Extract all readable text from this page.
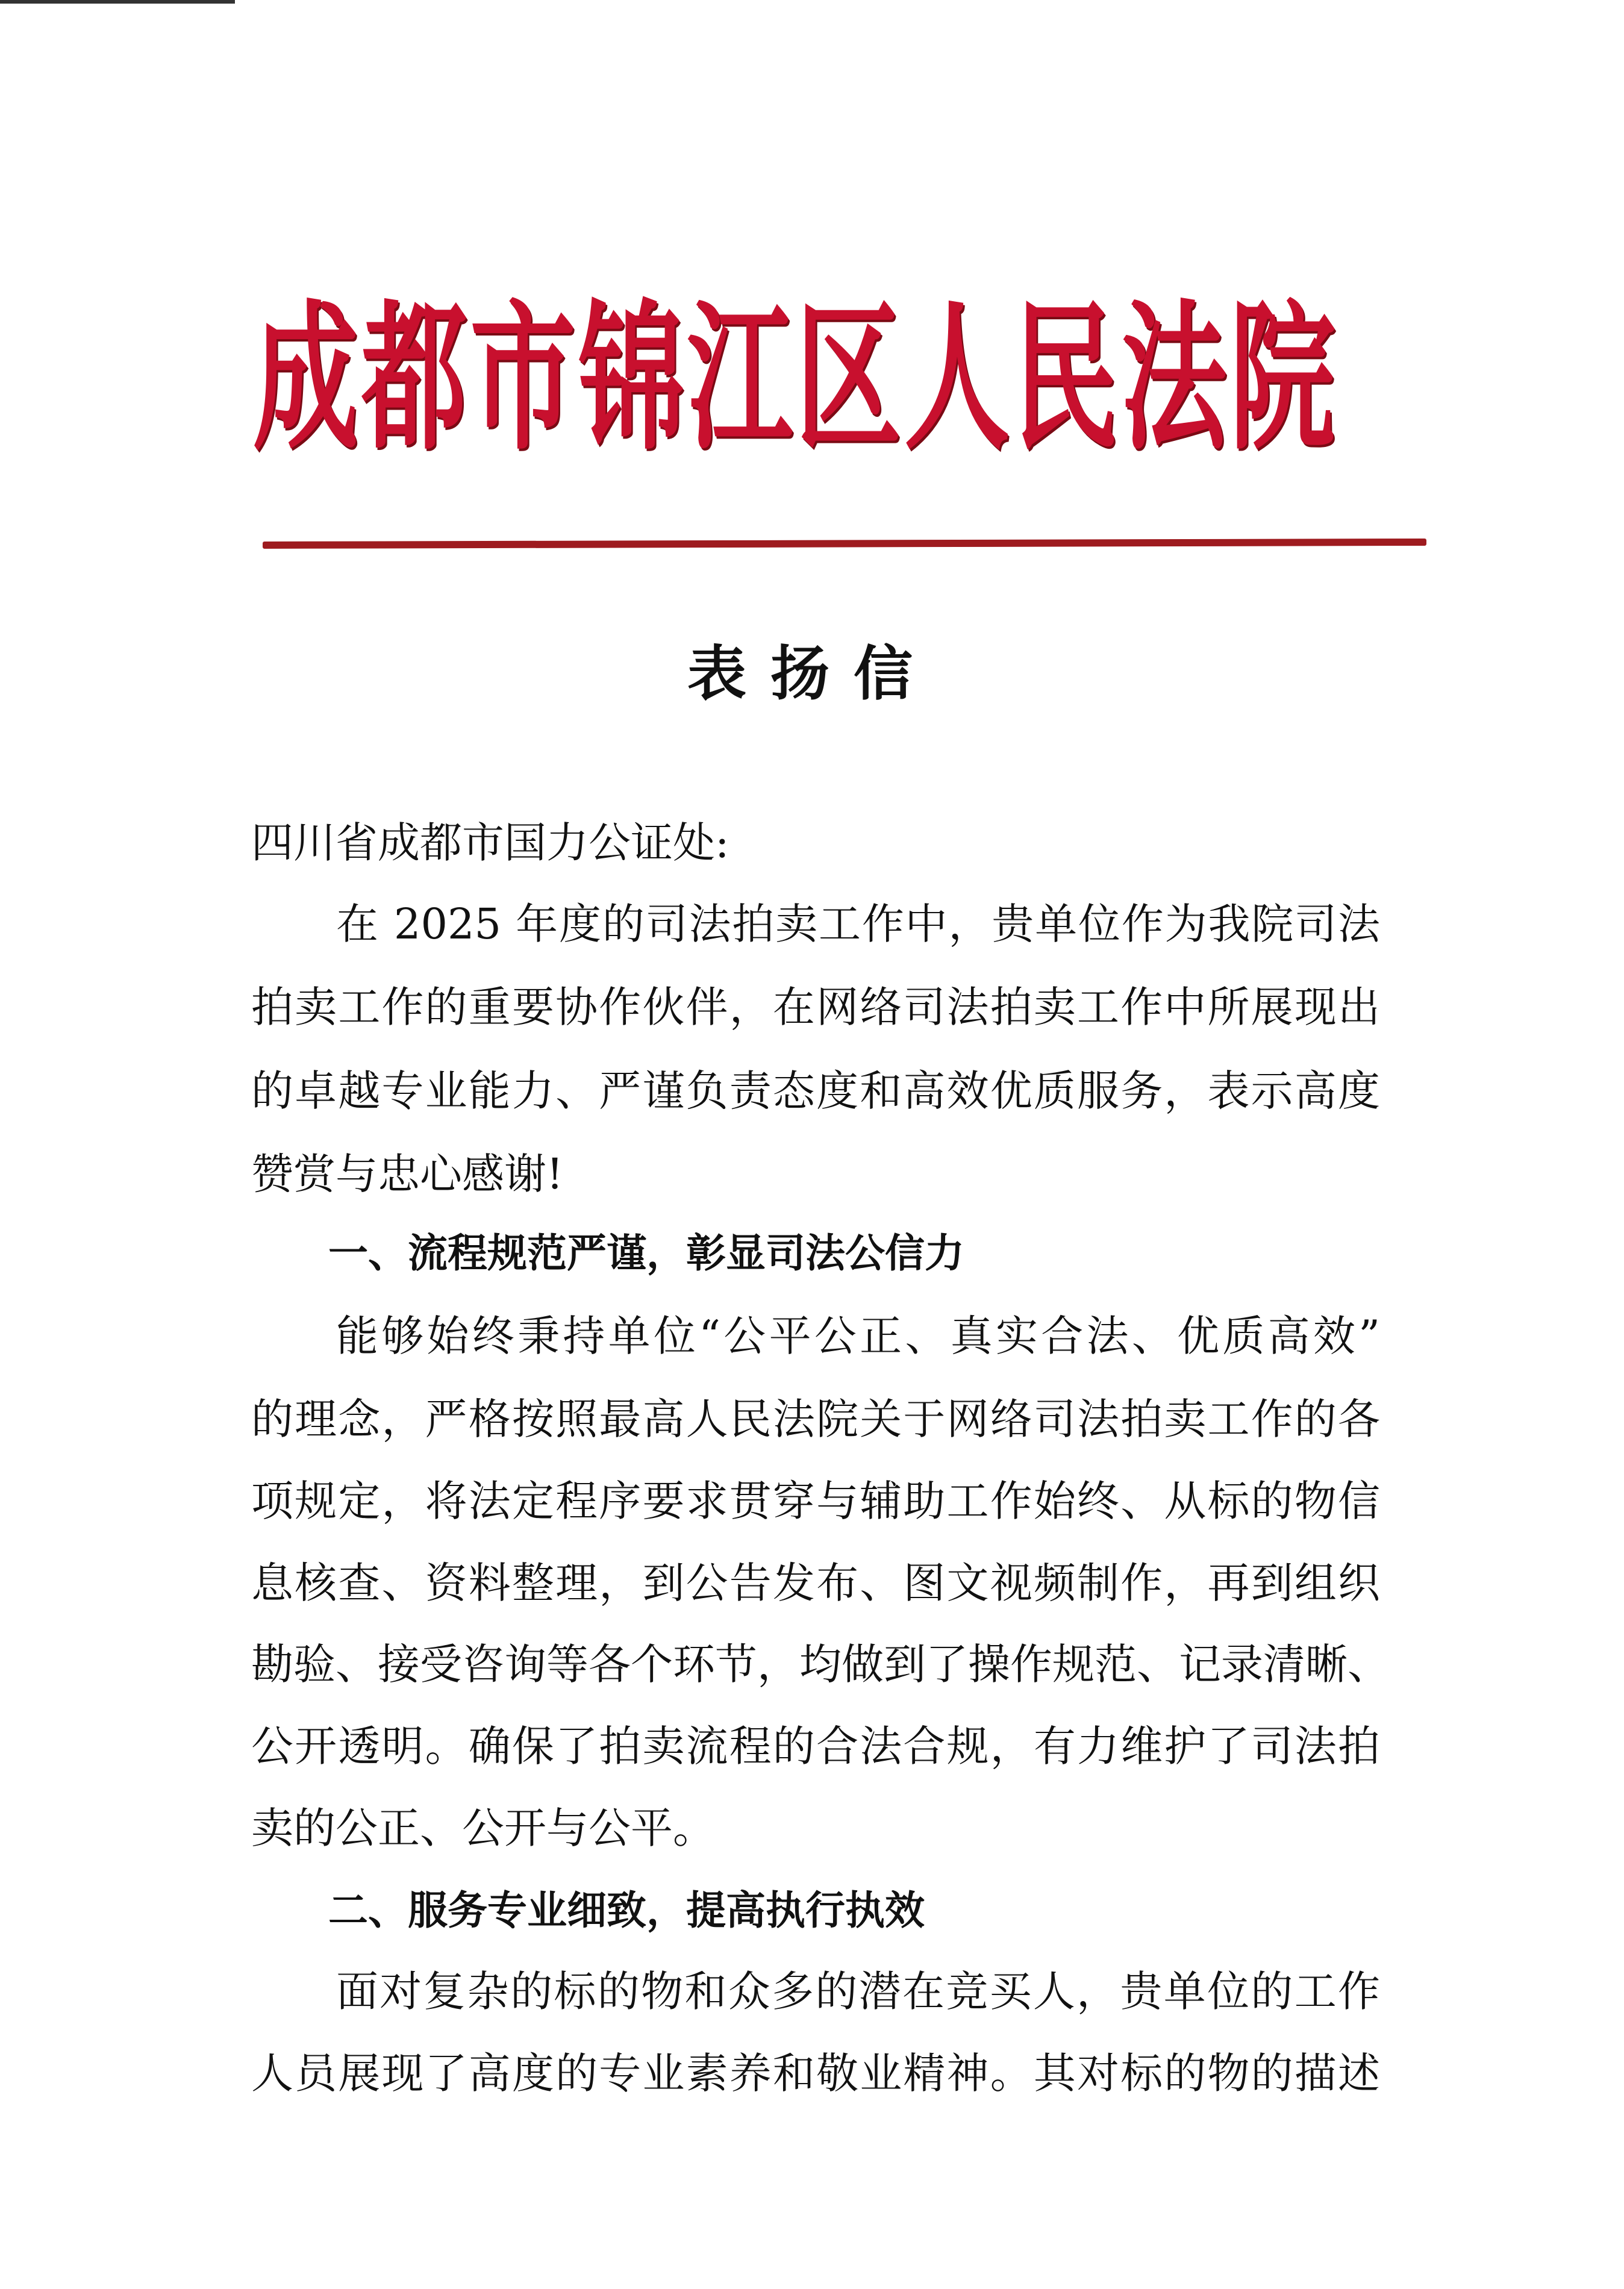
成都市锦江区人民法院
表扬信
四川省成都市国力公证处:
在 2025 年度的司法拍卖工作中，贵单位作为我院司法
拍卖工作的重要协作伙伴，在网络司法拍卖工作中所展现出
的卓越专业能力、严谨负责态度和高效优质服务，表示高度
赞赏与忠心感谢!
一、流程规范严谨，彰显司法公信力
能够始终秉持单位“公平公正、真实合法、优质高效”
的理念，严格按照最高人民法院关于网络司法拍卖工作的各
项规定，将法定程序要求贯穿与辅助工作始终、从标的物信
息核查、资料整理，到公告发布、图文视频制作，再到组织
勘验、接受咨询等各个环节，均做到了操作规范、记录清晰、
公开透明。确保了拍卖流程的合法合规，有力维护了司法拍
卖的公正、公开与公平。
二、服务专业细致，提高执行执效
面对复杂的标的物和众多的潜在竞买人，贵单位的工作
人员展现了高度的专业素养和敬业精神。其对标的物的描述
